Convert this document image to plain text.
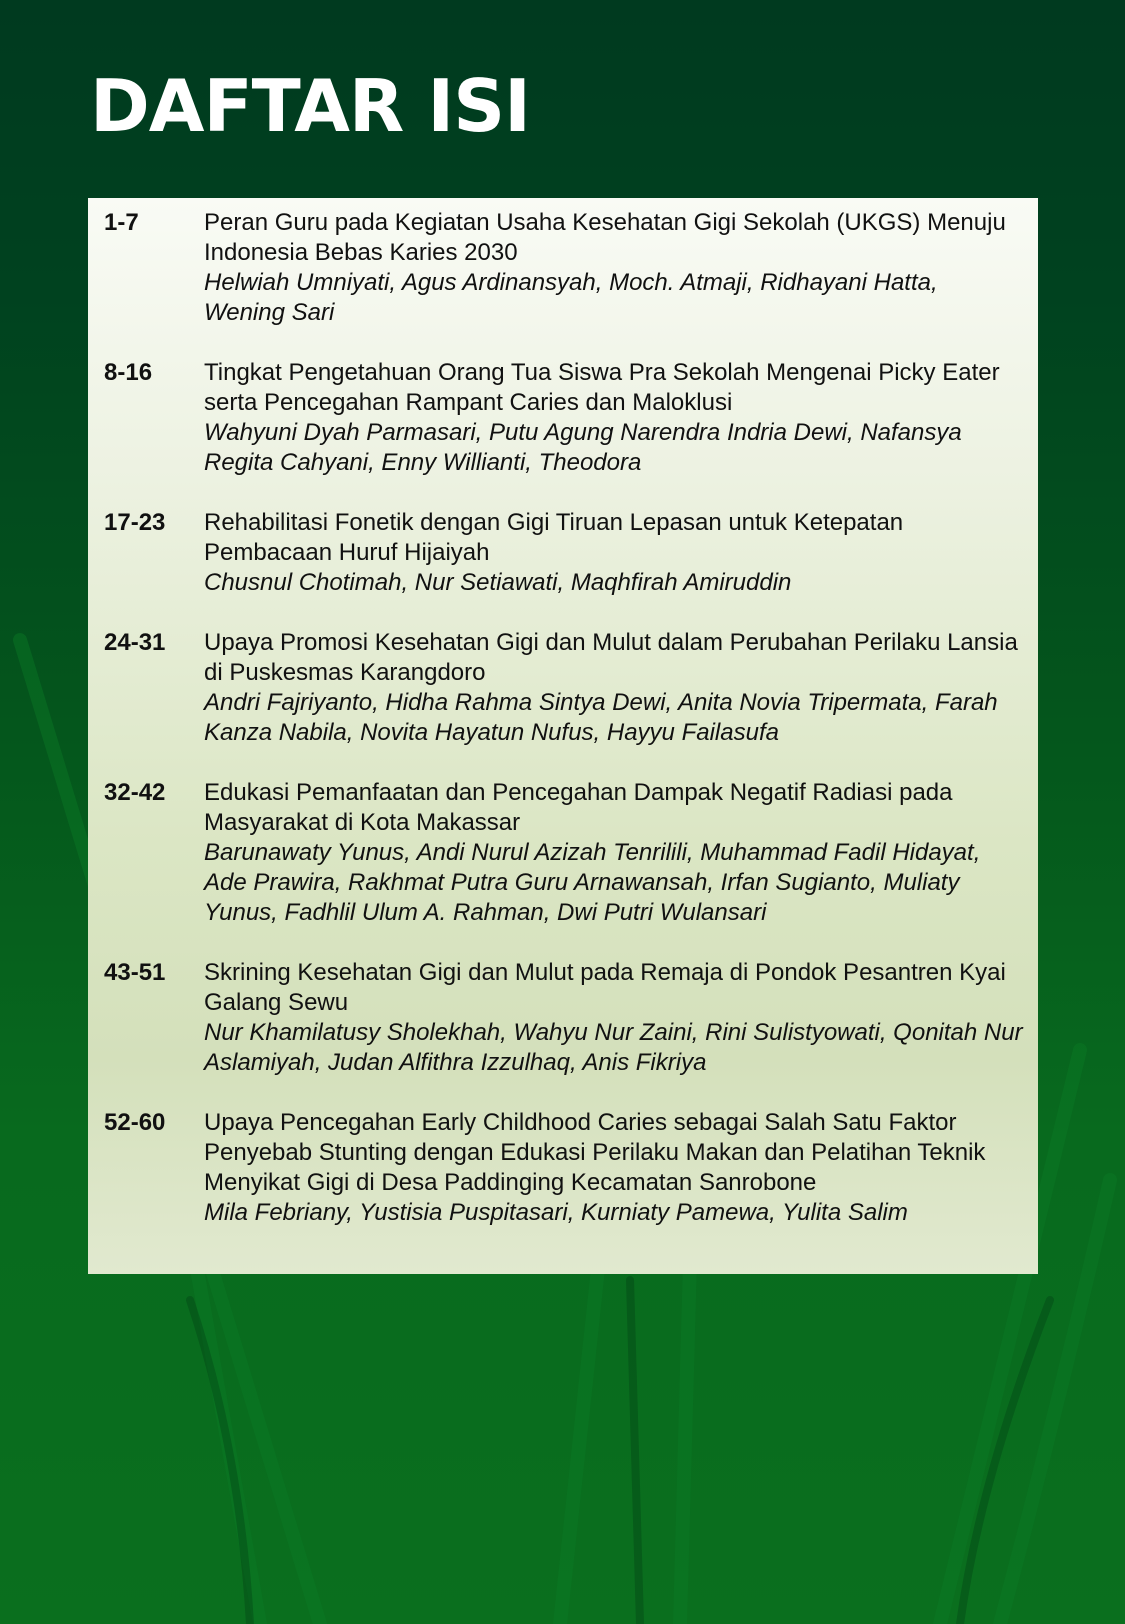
DAFTAR ISI
1-7	Peran Guru pada Kegiatan Usaha Kesehatan Gigi Sekolah (UKGS) Menuju Indonesia Bebas Karies 2030
Helwiah Umniyati, Agus Ardinansyah, Moch. Atmaji, Ridhayani Hatta, Wening Sari
8-16	Tingkat Pengetahuan Orang Tua Siswa Pra Sekolah Mengenai Picky Eater serta Pencegahan Rampant Caries dan Maloklusi
Wahyuni Dyah Parmasari, Putu Agung Narendra Indria Dewi, Nafansya Regita Cahyani, Enny Willianti, Theodora
17-23	Rehabilitasi Fonetik dengan Gigi Tiruan Lepasan untuk Ketepatan Pembacaan Huruf Hijaiyah
Chusnul Chotimah, Nur Setiawati, Maqhfirah Amiruddin
24-31	Upaya Promosi Kesehatan Gigi dan Mulut dalam Perubahan Perilaku Lansia di Puskesmas Karangdoro
Andri Fajriyanto, Hidha Rahma Sintya Dewi, Anita Novia Tripermata, Farah Kanza Nabila, Novita Hayatun Nufus, Hayyu Failasufa
32-42	Edukasi Pemanfaatan dan Pencegahan Dampak Negatif Radiasi pada Masyarakat di Kota Makassar
Barunawaty Yunus, Andi Nurul Azizah Tenrilili, Muhammad Fadil Hidayat, Ade Prawira, Rakhmat Putra Guru Arnawansah, Irfan Sugianto, Muliaty Yunus, Fadhlil Ulum A. Rahman, Dwi Putri Wulansari
43-51	Skrining Kesehatan Gigi dan Mulut pada Remaja di Pondok Pesantren Kyai Galang Sewu
Nur Khamilatusy Sholekhah, Wahyu Nur Zaini, Rini Sulistyowati, Qonitah Nur Aslamiyah, Judan Alfithra Izzulhaq, Anis Fikriya
52-60	Upaya Pencegahan Early Childhood Caries sebagai Salah Satu Faktor Penyebab Stunting dengan Edukasi Perilaku Makan dan Pelatihan Teknik Menyikat Gigi di Desa Paddinging Kecamatan Sanrobone
Mila Febriany, Yustisia Puspitasari, Kurniaty Pamewa, Yulita Salim
